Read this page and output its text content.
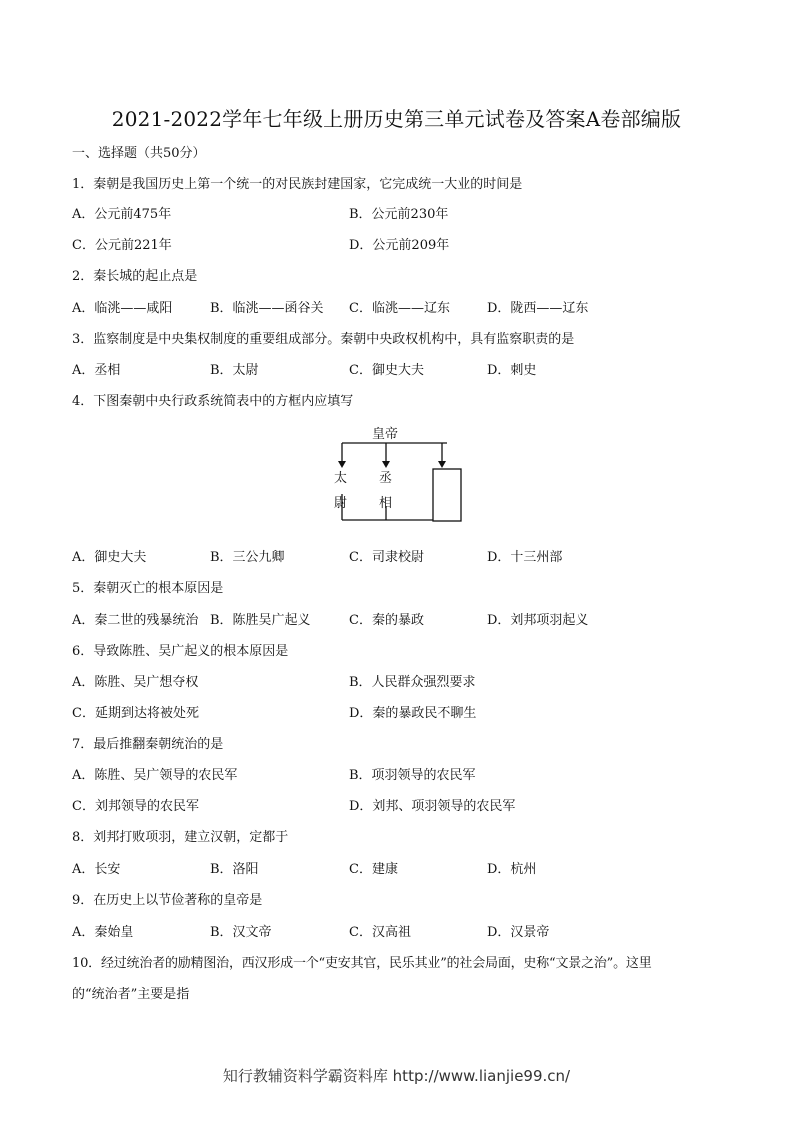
2021-2022学年七年级上册历史第三单元试卷及答案A卷部编版
一、选择题（共50分）
1．秦朝是我国历史上第一个统一的对民族封建国家，它完成统一大业的时间是
A．公元前475年	B．公元前230年
C．公元前221年	D．公元前209年
2．秦长城的起止点是
A．临洮——咸阳	B．临洮——函谷关 C．临洮——辽东	D．陇西——辽东
3．监察制度是中央集权制度的重要组成部分。秦朝中央政权机构中，具有监察职责的是
A．丞相	B．太尉	C．御史大夫	D．刺史
4．下图秦朝中央行政系统简表中的方框内应填写
皇帝
太
尉
丞
相
A．御史大夫	B．三公九卿	C．司隶校尉	D．十三州部
5．秦朝灭亡的根本原因是
A．秦二世的残暴统治 B．陈胜吴广起义	C．秦的暴政	D．刘邦项羽起义
6．导致陈胜、吴广起义的根本原因是
A．陈胜、吴广想夺权	B．人民群众强烈要求
C．延期到达将被处死	D．秦的暴政民不聊生
7．最后推翻秦朝统治的是
A．陈胜、吴广领导的农民军	B．项羽领导的农民军
C．刘邦领导的农民军	D．刘邦、项羽领导的农民军
8．刘邦打败项羽，建立汉朝，定都于
A．长安	B．洛阳	C．建康	D．杭州
9．在历史上以节俭著称的皇帝是
A．秦始皇	B．汉文帝	C．汉高祖	D．汉景帝
10．经过统治者的励精图治，西汉形成一个“吏安其官，民乐其业”的社会局面，史称“文景之治”。这里
的“统治者”主要是指
知行教辅资料学霸资料库 http://www.lianjie99.cn/
